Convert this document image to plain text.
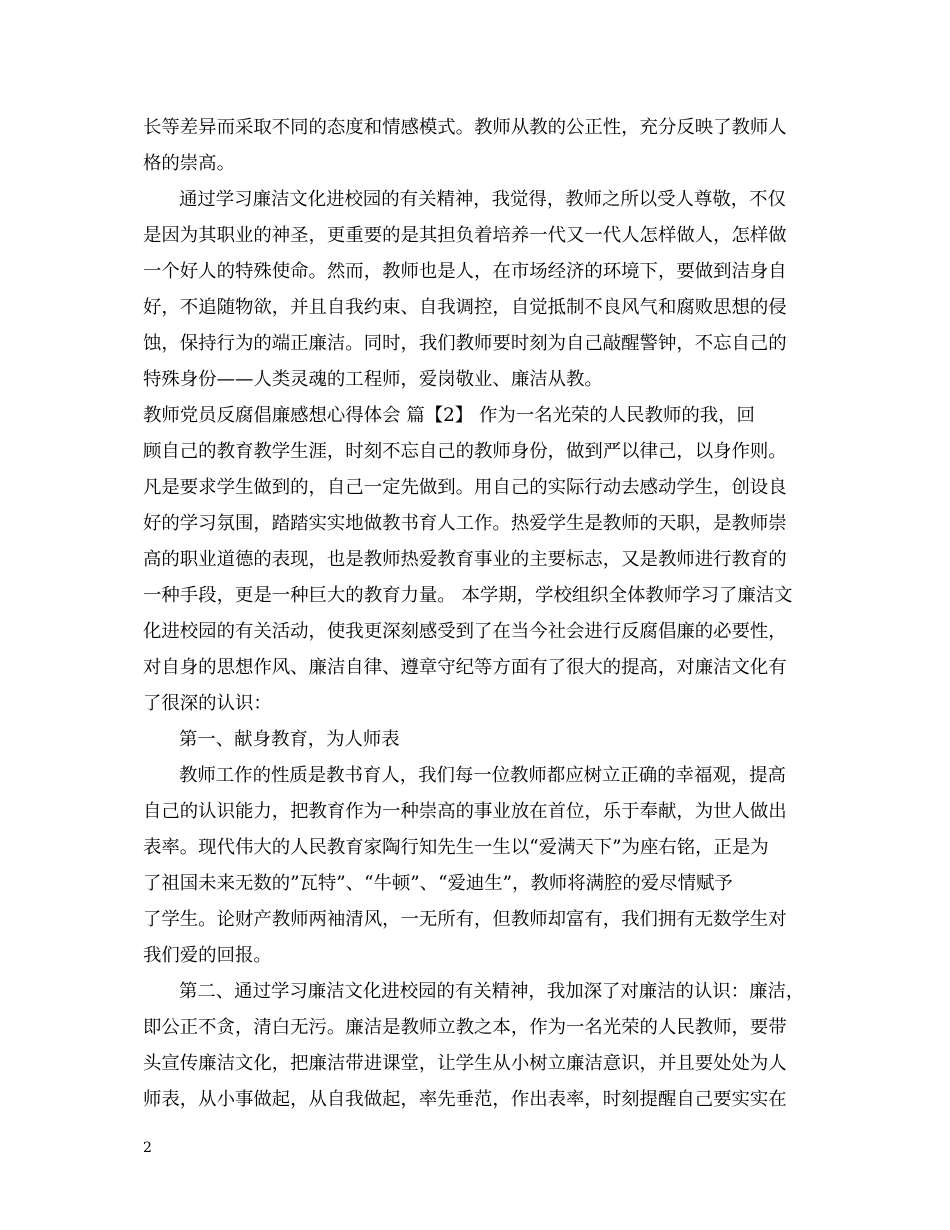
长等差异而采取不同的态度和情感模式。教师从教的公正性，充分反映了教师人
格的崇高。
通过学习廉洁文化进校园的有关精神，我觉得，教师之所以受人尊敬，不仅
是因为其职业的神圣，更重要的是其担负着培养一代又一代人怎样做人，怎样做
一个好人的特殊使命。然而，教师也是人，在市场经济的环境下，要做到洁身自
好，不追随物欲，并且自我约束、自我调控，自觉抵制不良风气和腐败思想的侵
蚀，保持行为的端正廉洁。同时，我们教师要时刻为自己敲醒警钟，不忘自己的
特殊身份——人类灵魂的工程师，爱岗敬业、廉洁从教。
教师党员反腐倡廉感想心得体会 篇【2】 作为一名光荣的人民教师的我，回
顾自己的教育教学生涯，时刻不忘自己的教师身份，做到严以律己，以身作则。
凡是要求学生做到的，自己一定先做到。用自己的实际行动去感动学生，创设良
好的学习氛围，踏踏实实地做教书育人工作。热爱学生是教师的天职，是教师崇
高的职业道德的表现，也是教师热爱教育事业的主要标志，又是教师进行教育的
一种手段，更是一种巨大的教育力量。 本学期，学校组织全体教师学习了廉洁文
化进校园的有关活动，使我更深刻感受到了在当今社会进行反腐倡廉的必要性，
对自身的思想作风、廉洁自律、遵章守纪等方面有了很大的提高，对廉洁文化有
了很深的认识：
第一、献身教育，为人师表
教师工作的性质是教书育人，我们每一位教师都应树立正确的幸福观，提高
自己的认识能力，把教育作为一种崇高的事业放在首位，乐于奉献，为世人做出
表率。现代伟大的人民教育家陶行知先生一生以“爱满天下”为座右铭，正是为
了祖国未来无数的”瓦特”、“牛顿”、“爱迪生”，教师将满腔的爱尽情赋予
了学生。论财产教师两袖清风，一无所有，但教师却富有，我们拥有无数学生对
我们爱的回报。
第二、通过学习廉洁文化进校园的有关精神，我加深了对廉洁的认识：廉洁，
即公正不贪，清白无污。廉洁是教师立教之本，作为一名光荣的人民教师，要带
头宣传廉洁文化，把廉洁带进课堂，让学生从小树立廉洁意识，并且要处处为人
师表，从小事做起，从自我做起，率先垂范，作出表率，时刻提醒自己要实实在
2
